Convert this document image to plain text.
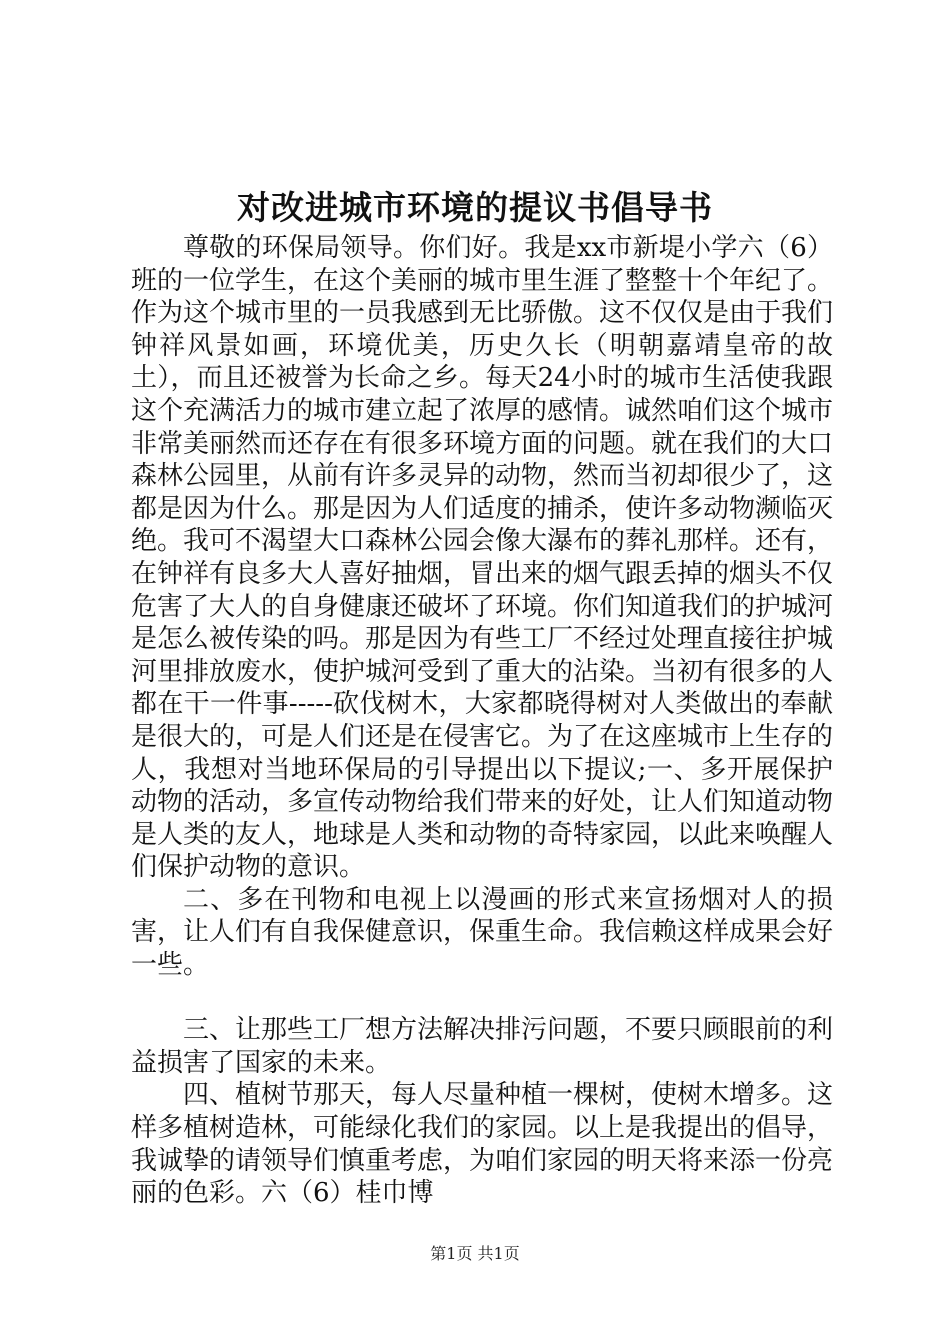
对改进城市环境的提议书倡导书

尊敬的环保局领导。你们好。我是xx市新堤小学六（6）班的一位学生，在这个美丽的城市里生涯了整整十个年纪了。作为这个城市里的一员我感到无比骄傲。这不仅仅是由于我们钟祥风景如画，环境优美，历史久长（明朝嘉靖皇帝的故土），而且还被誉为长命之乡。每天24小时的城市生活使我跟这个充满活力的城市建立起了浓厚的感情。诚然咱们这个城市非常美丽然而还存在有很多环境方面的问题。就在我们的大口森林公园里，从前有许多灵异的动物，然而当初却很少了，这都是因为什么。那是因为人们适度的捕杀，使许多动物濒临灭绝。我可不渴望大口森林公园会像大瀑布的葬礼那样。还有，在钟祥有良多大人喜好抽烟，冒出来的烟气跟丢掉的烟头不仅危害了大人的自身健康还破坏了环境。你们知道我们的护城河是怎么被传染的吗。那是因为有些工厂不经过处理直接往护城河里排放废水，使护城河受到了重大的沾染。当初有很多的人都在干一件事-----砍伐树木，大家都晓得树对人类做出的奉献是很大的，可是人们还是在侵害它。为了在这座城市上生存的人，我想对当地环保局的引导提出以下提议;一、多开展保护动物的活动，多宣传动物给我们带来的好处，让人们知道动物是人类的友人，地球是人类和动物的奇特家园，以此来唤醒人们保护动物的意识。

二、多在刊物和电视上以漫画的形式来宣扬烟对人的损害，让人们有自我保健意识，保重生命。我信赖这样成果会好一些。

三、让那些工厂想方法解决排污问题，不要只顾眼前的利益损害了国家的未来。

四、植树节那天，每人尽量种植一棵树，使树木增多。这样多植树造林，可能绿化我们的家园。以上是我提出的倡导，我诚挚的请领导们慎重考虑，为咱们家园的明天将来添一份亮丽的色彩。六（6）桂巾博

第1页 共1页
